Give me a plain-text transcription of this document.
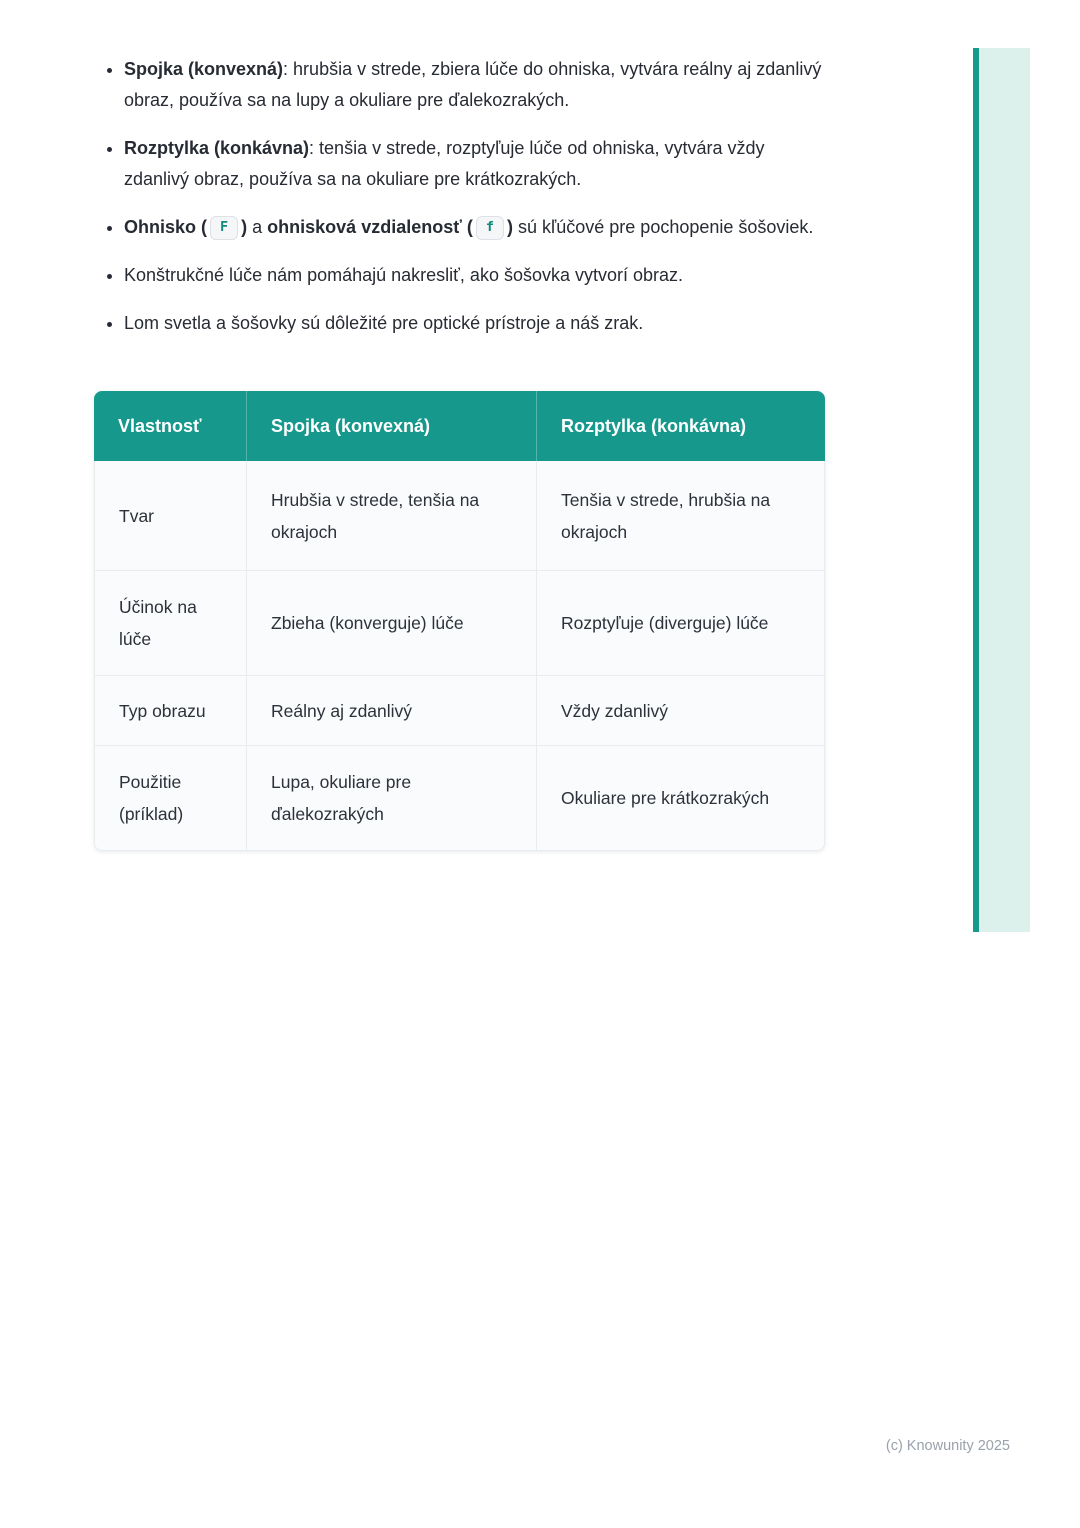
• Spojka (konvexná): hrubšia v strede, zbiera lúče do ohniska, vytvára reálny aj zdanlivý obraz, používa sa na lupy a okuliare pre ďalekozrakých.
• Rozptylka (konkávna): tenšia v strede, rozptyľuje lúče od ohniska, vytvára vždy zdanlivý obraz, používa sa na okuliare pre krátkozrakých.
• Ohnisko ( F ) a ohnisková vzdialenosť ( f ) sú kľúčové pre pochopenie šošoviek.
• Konštrukčné lúče nám pomáhajú nakresliť, ako šošovka vytvorí obraz.
• Lom svetla a šošovky sú dôležité pre optické prístroje a náš zrak.
Vlastnosť	Spojka (konvexná)	Rozptylka (konkávna)
Tvar	Hrubšia v strede, tenšia na okrajoch	Tenšia v strede, hrubšia na okrajoch
Účinok na lúče	Zbieha (konverguje) lúče	Rozptyľuje (diverguje) lúče
Typ obrazu	Reálny aj zdanlivý	Vždy zdanlivý
Použitie (príklad)	Lupa, okuliare pre ďalekozrakých	Okuliare pre krátkozrakých
(c) Knowunity 2025
